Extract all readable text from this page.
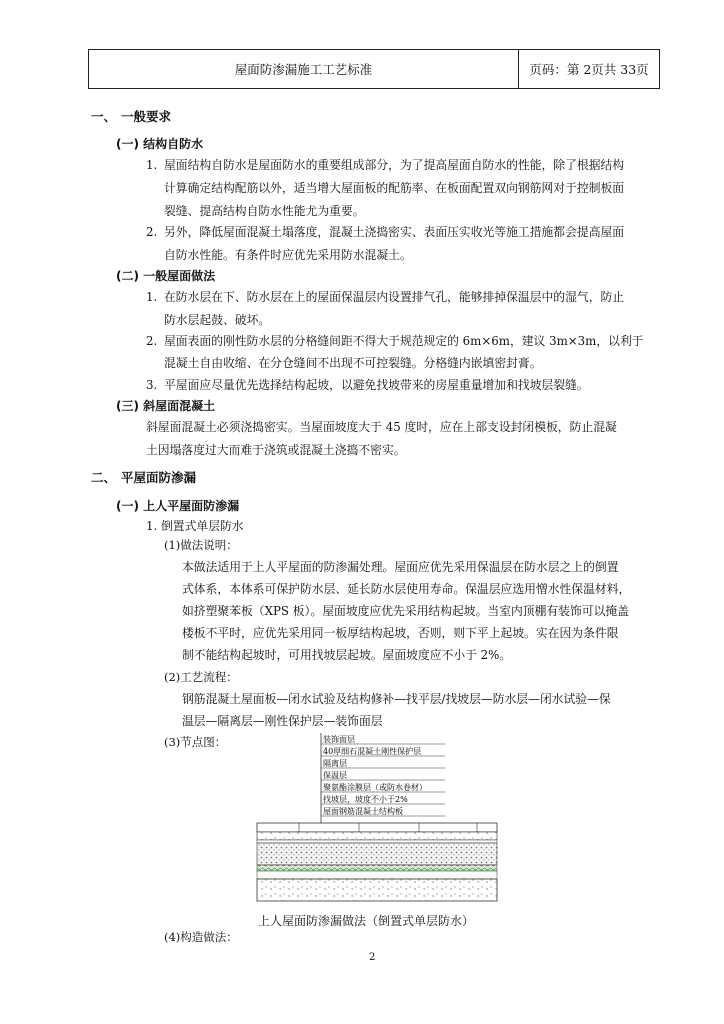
屋面防渗漏施工工艺标准	页码：第 2页共 33页
一、 一般要求
(一) 结构自防水
1. 屋面结构自防水是屋面防水的重要组成部分，为了提高屋面自防水的性能，除了根据结构
计算确定结构配筋以外，适当增大屋面板的配筋率、在板面配置双向钢筋网对于控制板面
裂缝、提高结构自防水性能尤为重要。
2. 另外，降低屋面混凝土塌落度，混凝土浇捣密实、表面压实收光等施工措施都会提高屋面
自防水性能。有条件时应优先采用防水混凝土。
(二) 一般屋面做法
1. 在防水层在下、防水层在上的屋面保温层内设置排气孔，能够排掉保温层中的湿气，防止
防水层起鼓、破坏。
2. 屋面表面的刚性防水层的分格缝间距不得大于规范规定的 6m×6m，建议 3m×3m，以利于
混凝土自由收缩、在分仓缝间不出现不可控裂缝。分格缝内嵌填密封膏。
3. 平屋面应尽量优先选择结构起坡，以避免找坡带来的房屋重量增加和找坡层裂缝。
(三) 斜屋面混凝土
斜屋面混凝土必须浇捣密实。当屋面坡度大于 45 度时，应在上部支设封闭模板，防止混凝
土因塌落度过大而难于浇筑或混凝土浇捣不密实。
二、 平屋面防渗漏
(一) 上人平屋面防渗漏
1. 倒置式单层防水
(1)做法说明：
本做法适用于上人平屋面的防渗漏处理。屋面应优先采用保温层在防水层之上的倒置
式体系，本体系可保护防水层、延长防水层使用寿命。保温层应选用憎水性保温材料，
如挤塑聚苯板（XPS 板）。屋面坡度应优先采用结构起坡。当室内顶棚有装饰可以掩盖
楼板不平时，应优先采用同一板厚结构起坡，否则，则下平上起坡。实在因为条件限
制不能结构起坡时，可用找坡层起坡。屋面坡度应不小于 2%。
(2)工艺流程：
钢筋混凝土屋面板—闭水试验及结构修补—找平层/找坡层—防水层—闭水试验—保
温层—隔离层—刚性保护层—装饰面层
(3)节点图：	装饰面层
40厚细石混凝土刚性保护层
隔离层
保温层
聚氨酯涂膜层（或防水卷材）
找坡层，坡度不小于2%
屋面钢筋混凝土结构板
上人屋面防渗漏做法（倒置式单层防水）
(4)构造做法：
2
